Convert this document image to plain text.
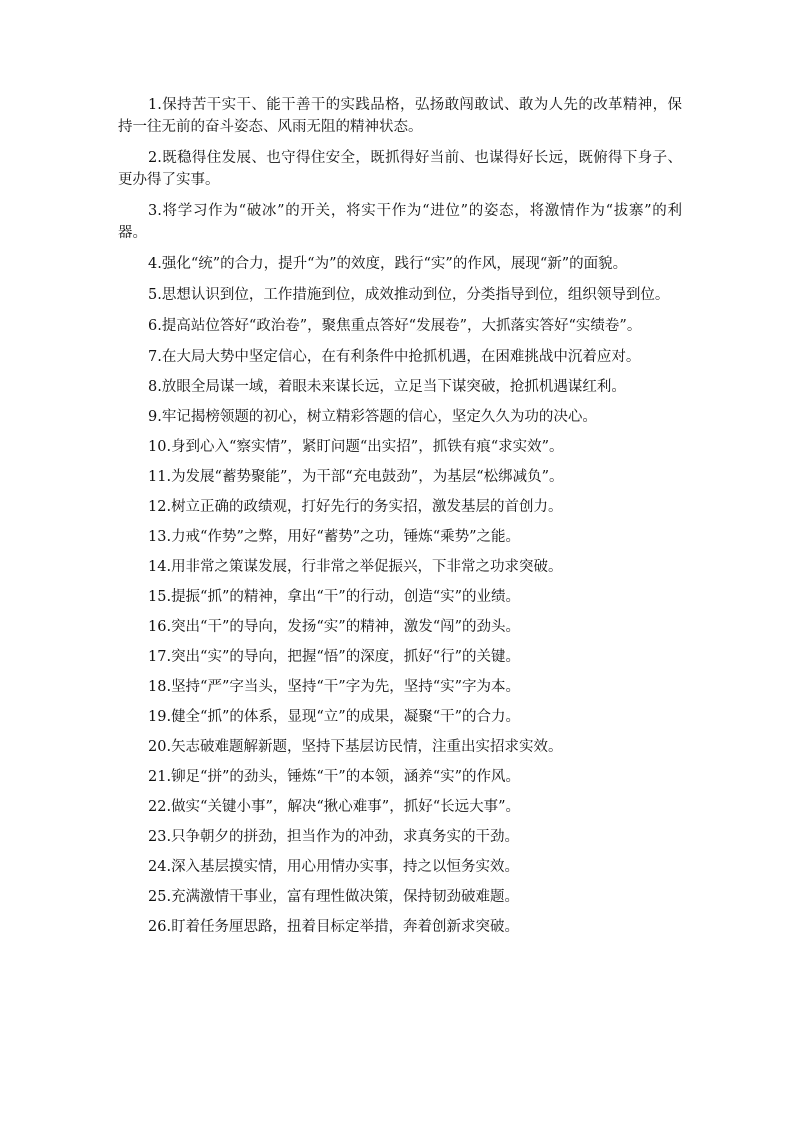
1.保持苦干实干、能干善干的实践品格，弘扬敢闯敢试、敢为人先的改革精神，保持一往无前的奋斗姿态、风雨无阻的精神状态。

2.既稳得住发展、也守得住安全，既抓得好当前、也谋得好长远，既俯得下身子、更办得了实事。

3.将学习作为“破冰”的开关，将实干作为“进位”的姿态，将激情作为“拔寨”的利器。

4.强化“统”的合力，提升“为”的效度，践行“实”的作风，展现“新”的面貌。

5.思想认识到位，工作措施到位，成效推动到位，分类指导到位，组织领导到位。

6.提高站位答好“政治卷”，聚焦重点答好“发展卷”，大抓落实答好“实绩卷”。

7.在大局大势中坚定信心，在有利条件中抢抓机遇，在困难挑战中沉着应对。

8.放眼全局谋一域，着眼未来谋长远，立足当下谋突破，抢抓机遇谋红利。

9.牢记揭榜领题的初心，树立精彩答题的信心，坚定久久为功的决心。

10.身到心入“察实情”，紧盯问题“出实招”，抓铁有痕“求实效”。

11.为发展“蓄势聚能”，为干部“充电鼓劲”，为基层“松绑减负”。

12.树立正确的政绩观，打好先行的务实招，激发基层的首创力。

13.力戒“作势”之弊，用好“蓄势”之功，锤炼“乘势”之能。

14.用非常之策谋发展，行非常之举促振兴，下非常之功求突破。

15.提振“抓”的精神，拿出“干”的行动，创造“实”的业绩。

16.突出“干”的导向，发扬“实”的精神，激发“闯”的劲头。

17.突出“实”的导向，把握“悟”的深度，抓好“行”的关键。

18.坚持“严”字当头，坚持“干”字为先，坚持“实”字为本。

19.健全“抓”的体系，显现“立”的成果，凝聚“干”的合力。

20.矢志破难题解新题，坚持下基层访民情，注重出实招求实效。

21.铆足“拼”的劲头，锤炼“干”的本领，涵养“实”的作风。

22.做实“关键小事”，解决“揪心难事”，抓好“长远大事”。

23.只争朝夕的拼劲，担当作为的冲劲，求真务实的干劲。

24.深入基层摸实情，用心用情办实事，持之以恒务实效。

25.充满激情干事业，富有理性做决策，保持韧劲破难题。

26.盯着任务厘思路，扭着目标定举措，奔着创新求突破。
